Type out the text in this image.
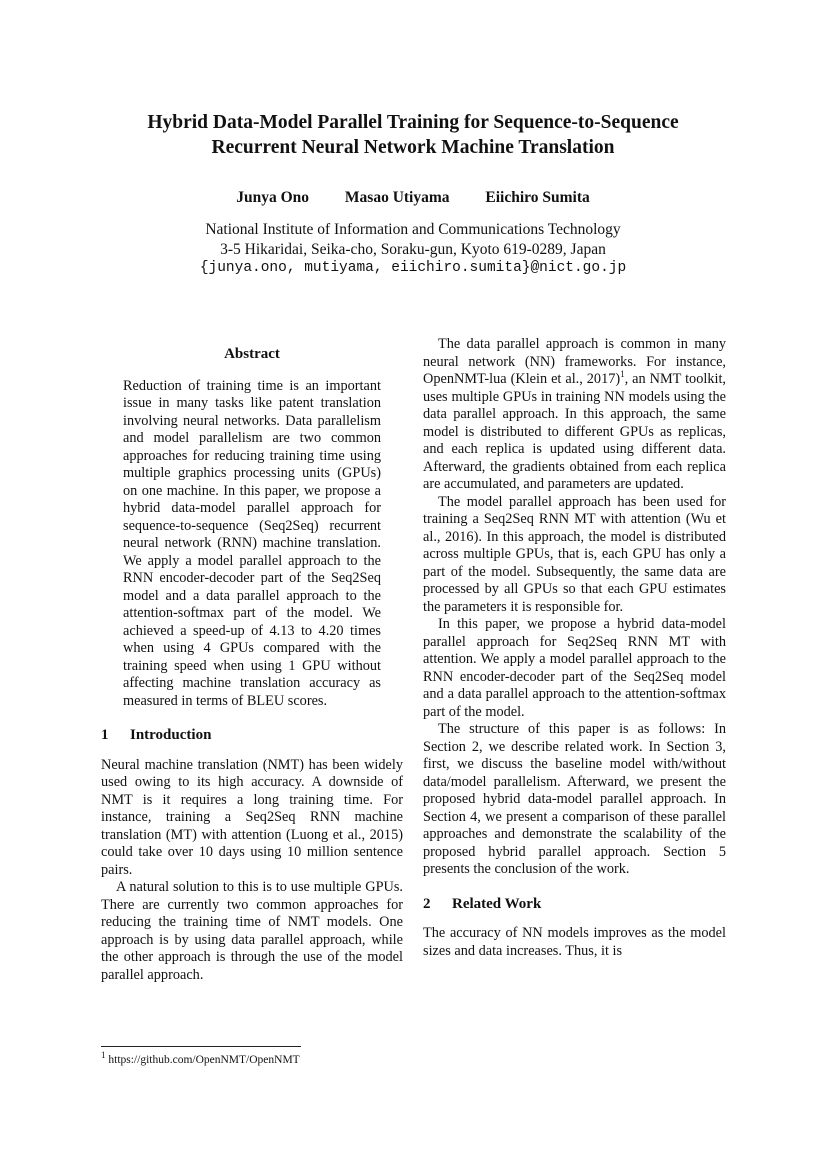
Hybrid Data-Model Parallel Training for Sequence-to-Sequence
Recurrent Neural Network Machine Translation
Junya Ono Masao Utiyama Eiichiro Sumita
National Institute of Information and Communications Technology
3-5 Hikaridai, Seika-cho, Soraku-gun, Kyoto 619-0289, Japan
{junya.ono, mutiyama, eiichiro.sumita}@nict.go.jp

Abstract

Reduction of training time is an important issue in many tasks like patent translation involving neural networks. Data parallelism and model parallelism are two common approaches for reducing training time using multiple graphics processing units (GPUs) on one machine. In this paper, we propose a hybrid data-model parallel approach for sequence-to-sequence (Seq2Seq) recurrent neural network (RNN) machine translation. We apply a model parallel approach to the RNN encoder-decoder part of the Seq2Seq model and a data parallel approach to the attention-softmax part of the model. We achieved a speed-up of 4.13 to 4.20 times when using 4 GPUs compared with the training speed when using 1 GPU without affecting machine translation accuracy as measured in terms of BLEU scores.

1 Introduction

Neural machine translation (NMT) has been widely used owing to its high accuracy. A downside of NMT is it requires a long training time. For instance, training a Seq2Seq RNN machine translation (MT) with attention (Luong et al., 2015) could take over 10 days using 10 million sentence pairs.

A natural solution to this is to use multiple GPUs. There are currently two common approaches for reducing the training time of NMT models. One approach is by using data parallel approach, while the other approach is through the use of the model parallel approach.

The data parallel approach is common in many neural network (NN) frameworks. For instance, OpenNMT-lua (Klein et al., 2017)$^1$, an NMT toolkit, uses multiple GPUs in training NN models using the data parallel approach. In this approach, the same model is distributed to different GPUs as replicas, and each replica is updated using different data. Afterward, the gradients obtained from each replica are accumulated, and parameters are updated.

The model parallel approach has been used for training a Seq2Seq RNN MT with attention (Wu et al., 2016). In this approach, the model is distributed across multiple GPUs, that is, each GPU has only a part of the model. Subsequently, the same data are processed by all GPUs so that each GPU estimates the parameters it is responsible for.

In this paper, we propose a hybrid data-model parallel approach for Seq2Seq RNN MT with attention. We apply a model parallel approach to the RNN encoder-decoder part of the Seq2Seq model and a data parallel approach to the attention-softmax part of the model.

The structure of this paper is as follows: In Section 2, we describe related work. In Section 3, first, we discuss the baseline model with/without data/model parallelism. Afterward, we present the proposed hybrid data-model parallel approach. In Section 4, we present a comparison of these parallel approaches and demonstrate the scalability of the proposed hybrid parallel approach. Section 5 presents the conclusion of the work.

2 Related Work

The accuracy of NN models improves as the model sizes and data increases. Thus, it is

$^1$ https://github.com/OpenNMT/OpenNMT
